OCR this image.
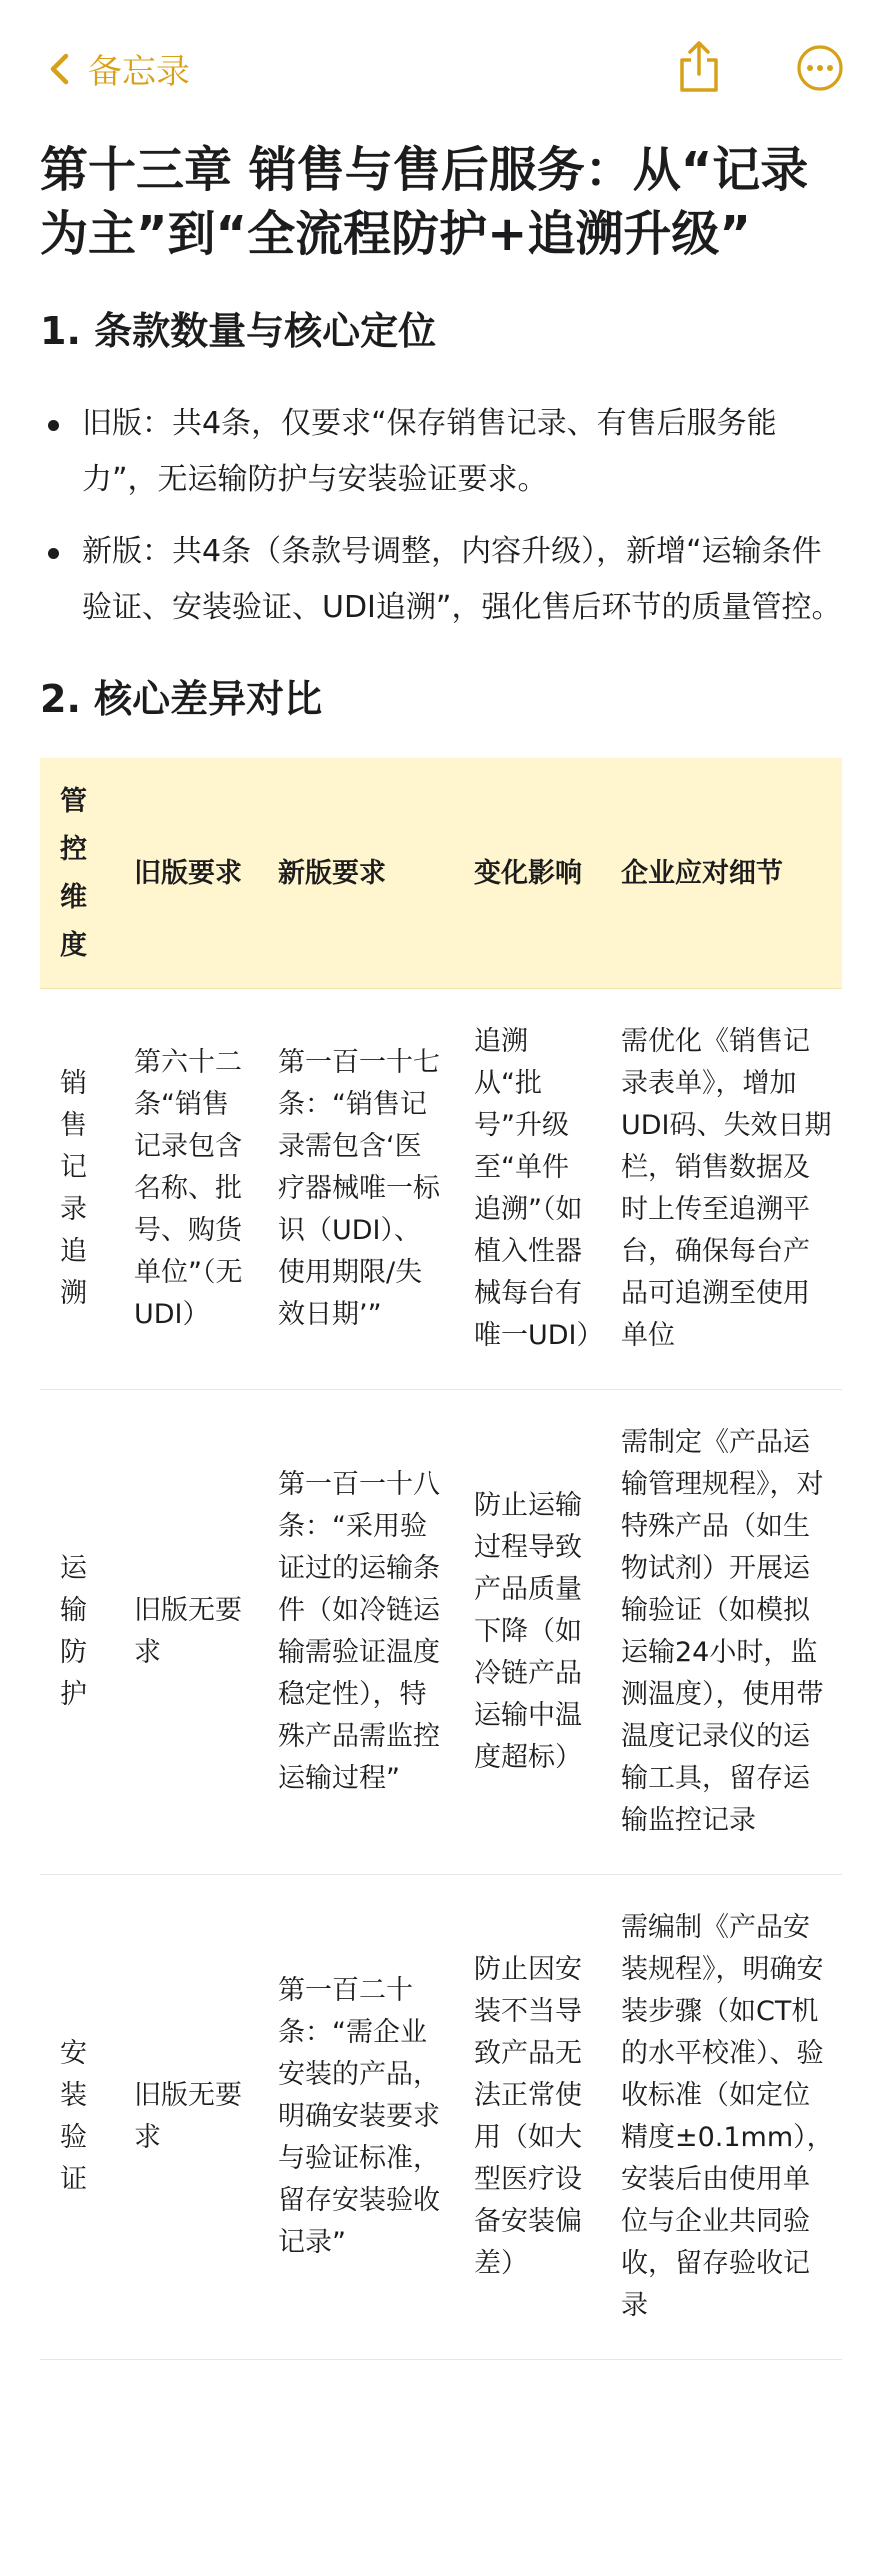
备忘录
第十三章 销售与售后服务：从“记录为主”到“全流程防护+追溯升级”
1. 条款数量与核心定位
旧版：共4条，仅要求“保存销售记录、有售后服务能力”，无运输防护与安装验证要求。
新版：共4条（条款号调整，内容升级），新增“运输条件验证、安装验证、UDI追溯”，强化售后环节的质量管控。
2. 核心差异对比
管控维度	旧版要求	新版要求	变化影响	企业应对细节
销售记录追溯	第六十二条“销售记录包含名称、批号、购货单位”（无UDI）	第一百一十七条：“销售记录需包含‘医疗器械唯一标识（UDI）、使用期限/失效日期’”	追溯从“批号”升级至“单件追溯”（如植入性器械每台有唯一UDI）	需优化《销售记录表单》，增加UDI码、失效日期栏，销售数据及时上传至追溯平台，确保每台产品可追溯至使用单位
运输防护	旧版无要求	第一百一十八条：“采用验证过的运输条件（如冷链运输需验证温度稳定性），特殊产品需监控运输过程”	防止运输过程导致产品质量下降（如冷链产品运输中温度超标）	需制定《产品运输管理规程》，对特殊产品（如生物试剂）开展运输验证（如模拟运输24小时，监测温度），使用带温度记录仪的运输工具，留存运输监控记录
安装验证	旧版无要求	第一百二十条：“需企业安装的产品，明确安装要求与验证标准，留存安装验收记录”	防止因安装不当导致产品无法正常使用（如大型医疗设备安装偏差）	需编制《产品安装规程》，明确安装步骤（如CT机的水平校准）、验收标准（如定位精度±0.1mm），安装后由使用单位与企业共同验收，留存验收记录
